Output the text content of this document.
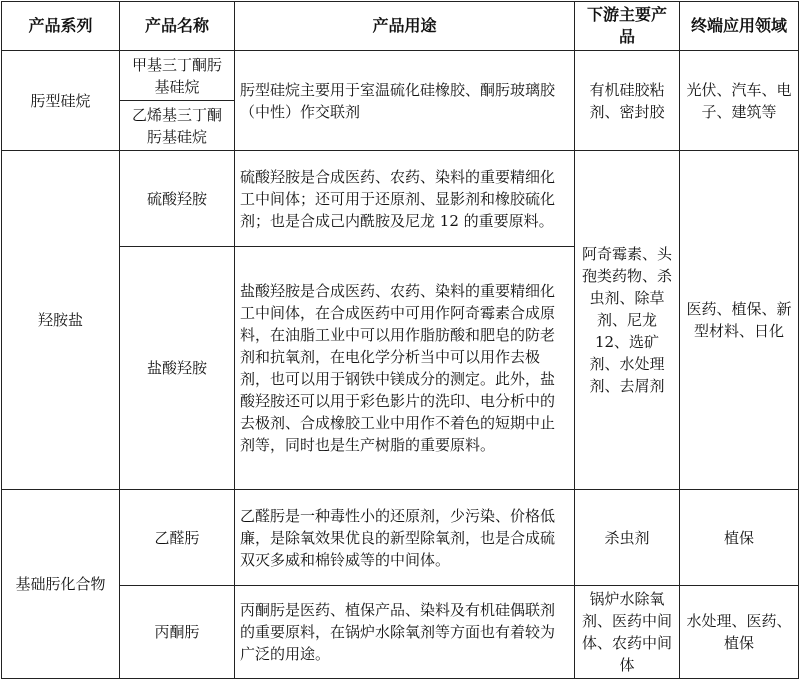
产品系列	产品名称	产品用途	下游主要产品	终端应用领域
肟型硅烷	甲基三丁酮肟基硅烷	肟型硅烷主要用于室温硫化硅橡胶、酮肟玻璃胶（中性）作交联剂	有机硅胶粘剂、密封胶	光伏、汽车、电子、建筑等
	乙烯基三丁酮肟基硅烷			
羟胺盐	硫酸羟胺	硫酸羟胺是合成医药、农药、染料的重要精细化工中间体；还可用于还原剂、显影剂和橡胶硫化剂；也是合成己内酰胺及尼龙 12 的重要原料。	阿奇霉素、头孢类药物、杀虫剂、除草剂、尼龙 12、选矿剂、水处理剂、去屑剂	医药、植保、新型材料、日化
	盐酸羟胺	盐酸羟胺是合成医药、农药、染料的重要精细化工中间体，在合成医药中可用作阿奇霉素合成原料，在油脂工业中可以用作脂肪酸和肥皂的防老剂和抗氧剂，在电化学分析当中可以用作去极剂，也可以用于钢铁中镁成分的测定。此外，盐酸羟胺还可以用于彩色影片的洗印、电分析中的去极剂、合成橡胶工业中用作不着色的短期中止剂等，同时也是生产树脂的重要原料。		
基础肟化合物	乙醛肟	乙醛肟是一种毒性小的还原剂，少污染、价格低廉，是除氧效果优良的新型除氧剂，也是合成硫双灭多威和棉铃威等的中间体。	杀虫剂	植保
	丙酮肟	丙酮肟是医药、植保产品、染料及有机硅偶联剂的重要原料，在锅炉水除氧剂等方面也有着较为广泛的用途。	锅炉水除氧剂、医药中间体、农药中间体	水处理、医药、植保
